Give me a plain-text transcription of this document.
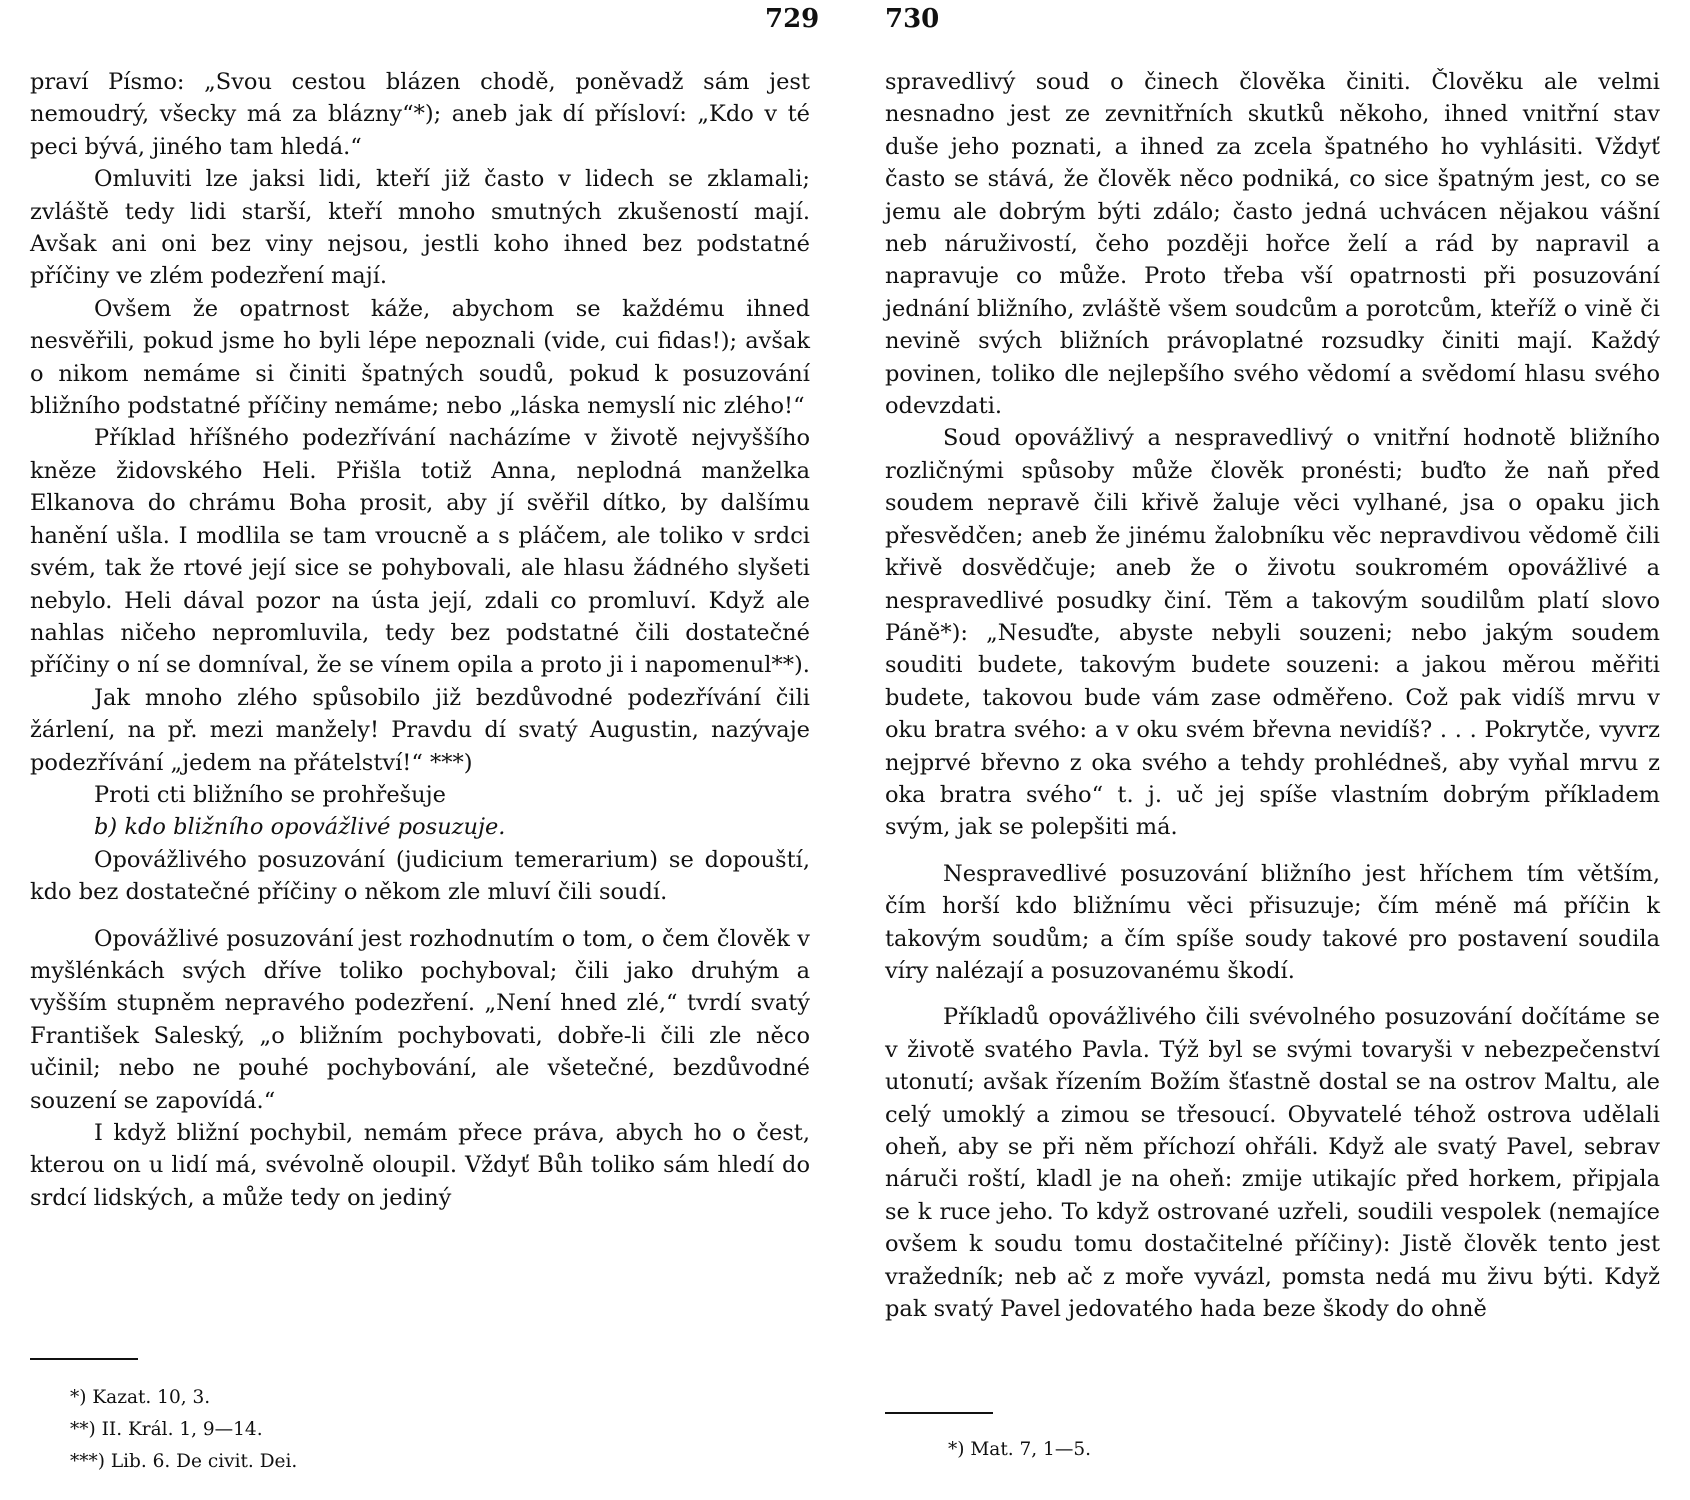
729	730

praví Písmo: „Svou cestou blázen chodě, poněvadž sám jest nemoudrý, všecky má za blázny“*); aneb jak dí přísloví: „Kdo v té peci bývá, jiného tam hledá.“

Omluviti lze jaksi lidi, kteří již často v lidech se zklamali; zvláště tedy lidi starší, kteří mnoho smutných zkušeností mají. Avšak ani oni bez viny nejsou, jestli koho ihned bez podstatné příčiny ve zlém podezření mají.

Ovšem že opatrnost káže, abychom se každému ihned nesvěřili, pokud jsme ho byli lépe nepoznali (vide, cui fidas!); avšak o nikom nemáme si činiti špatných soudů, pokud k posuzování bližního podstatné příčiny nemáme; nebo „láska nemyslí nic zlého!“

Příklad hříšného podezřívání nacházíme v životě nejvyššího kněze židovského Heli. Přišla totiž Anna, neplodná manželka Elkanova do chrámu Boha prosit, aby jí svěřil dítko, by dalšímu hanění ušla. I modlila se tam vroucně a s pláčem, ale toliko v srdci svém, tak že rtové její sice se pohybovali, ale hlasu žádného slyšeti nebylo. Heli dával pozor na ústa její, zdali co promluví. Když ale nahlas ničeho nepromluvila, tedy bez podstatné čili dostatečné příčiny o ní se domníval, že se vínem opila a proto ji i napomenul**).

Jak mnoho zlého spůsobilo již bezdůvodné podezřívání čili žárlení, na př. mezi manžely! Pravdu dí svatý Augustin, nazývaje podezřívání „jedem na přátelství!“ ***)

Proti cti bližního se prohřešuje

b) kdo bližního opovážlivé posuzuje.

Opovážlivého posuzování (judicium temerarium) se dopouští, kdo bez dostatečné příčiny o někom zle mluví čili soudí.

Opovážlivé posuzování jest rozhodnutím o tom, o čem člověk v myšlénkách svých dříve toliko pochyboval; čili jako druhým a vyšším stupněm nepravého podezření. „Není hned zlé,“ tvrdí svatý František Saleský, „o bližním pochybovati, dobře-li čili zle něco učinil; nebo ne pouhé pochybování, ale všetečné, bezdůvodné souzení se zapovídá.“

I když bližní pochybil, nemám přece práva, abych ho o čest, kterou on u lidí má, svévolně oloupil. Vždyť Bůh toliko sám hledí do srdcí lidských, a může tedy on jediný

*) Kazat. 10, 3.
**) II. Král. 1, 9—14.
***) Lib. 6. De civit. Dei.

spravedlivý soud o činech člověka činiti. Člověku ale velmi nesnadno jest ze zevnitřních skutků někoho, ihned vnitřní stav duše jeho poznati, a ihned za zcela špatného ho vyhlásiti. Vždyť často se stává, že člověk něco podniká, co sice špatným jest, co se jemu ale dobrým býti zdálo; často jedná uchvácen nějakou vášní neb náruživostí, čeho později hořce želí a rád by napravil a napravuje co může. Proto třeba vší opatrnosti při posuzování jednání bližního, zvláště všem soudcům a porotcům, kteříž o vině či nevině svých bližních právoplatné rozsudky činiti mají. Každý povinen, toliko dle nejlepšího svého vědomí a svědomí hlasu svého odevzdati.

Soud opovážlivý a nespravedlivý o vnitřní hodnotě bližního rozličnými spůsoby může člověk pronésti; buďto že naň před soudem nepravě čili křivě žaluje věci vylhané, jsa o opaku jich přesvědčen; aneb že jinému žalobníku věc nepravdivou vědomě čili křivě dosvědčuje; aneb že o životu soukromém opovážlivé a nespravedlivé posudky činí. Těm a takovým soudilům platí slovo Páně*): „Nesuďte, abyste nebyli souzeni; nebo jakým soudem souditi budete, takovým budete souzeni: a jakou měrou měřiti budete, takovou bude vám zase odměřeno. Což pak vidíš mrvu v oku bratra svého: a v oku svém břevna nevidíš? . . . Pokrytče, vyvrz nejprvé břevno z oka svého a tehdy prohlédneš, aby vyňal mrvu z oka bratra svého“ t. j. uč jej spíše vlastním dobrým příkladem svým, jak se polepšiti má.

Nespravedlivé posuzování bližního jest hříchem tím větším, čím horší kdo bližnímu věci přisuzuje; čím méně má příčin k takovým soudům; a čím spíše soudy takové pro postavení soudila víry nalézají a posuzovanému škodí.

Příkladů opovážlivého čili svévolného posuzování dočítáme se v životě svatého Pavla. Týž byl se svými tovaryši v nebezpečenství utonutí; avšak řízením Božím šťastně dostal se na ostrov Maltu, ale celý umoklý a zimou se třesoucí. Obyvatelé téhož ostrova udělali oheň, aby se při něm příchozí ohřáli. Když ale svatý Pavel, sebrav náruči roští, kladl je na oheň: zmije utikajíc před horkem, připjala se k ruce jeho. To když ostrované uzřeli, soudili vespolek (nemajíce ovšem k soudu tomu dostačitelné příčiny): Jistě člověk tento jest vražedník; neb ač z moře vyvázl, pomsta nedá mu živu býti. Když pak svatý Pavel jedovatého hada beze škody do ohně

*) Mat. 7, 1—5.
